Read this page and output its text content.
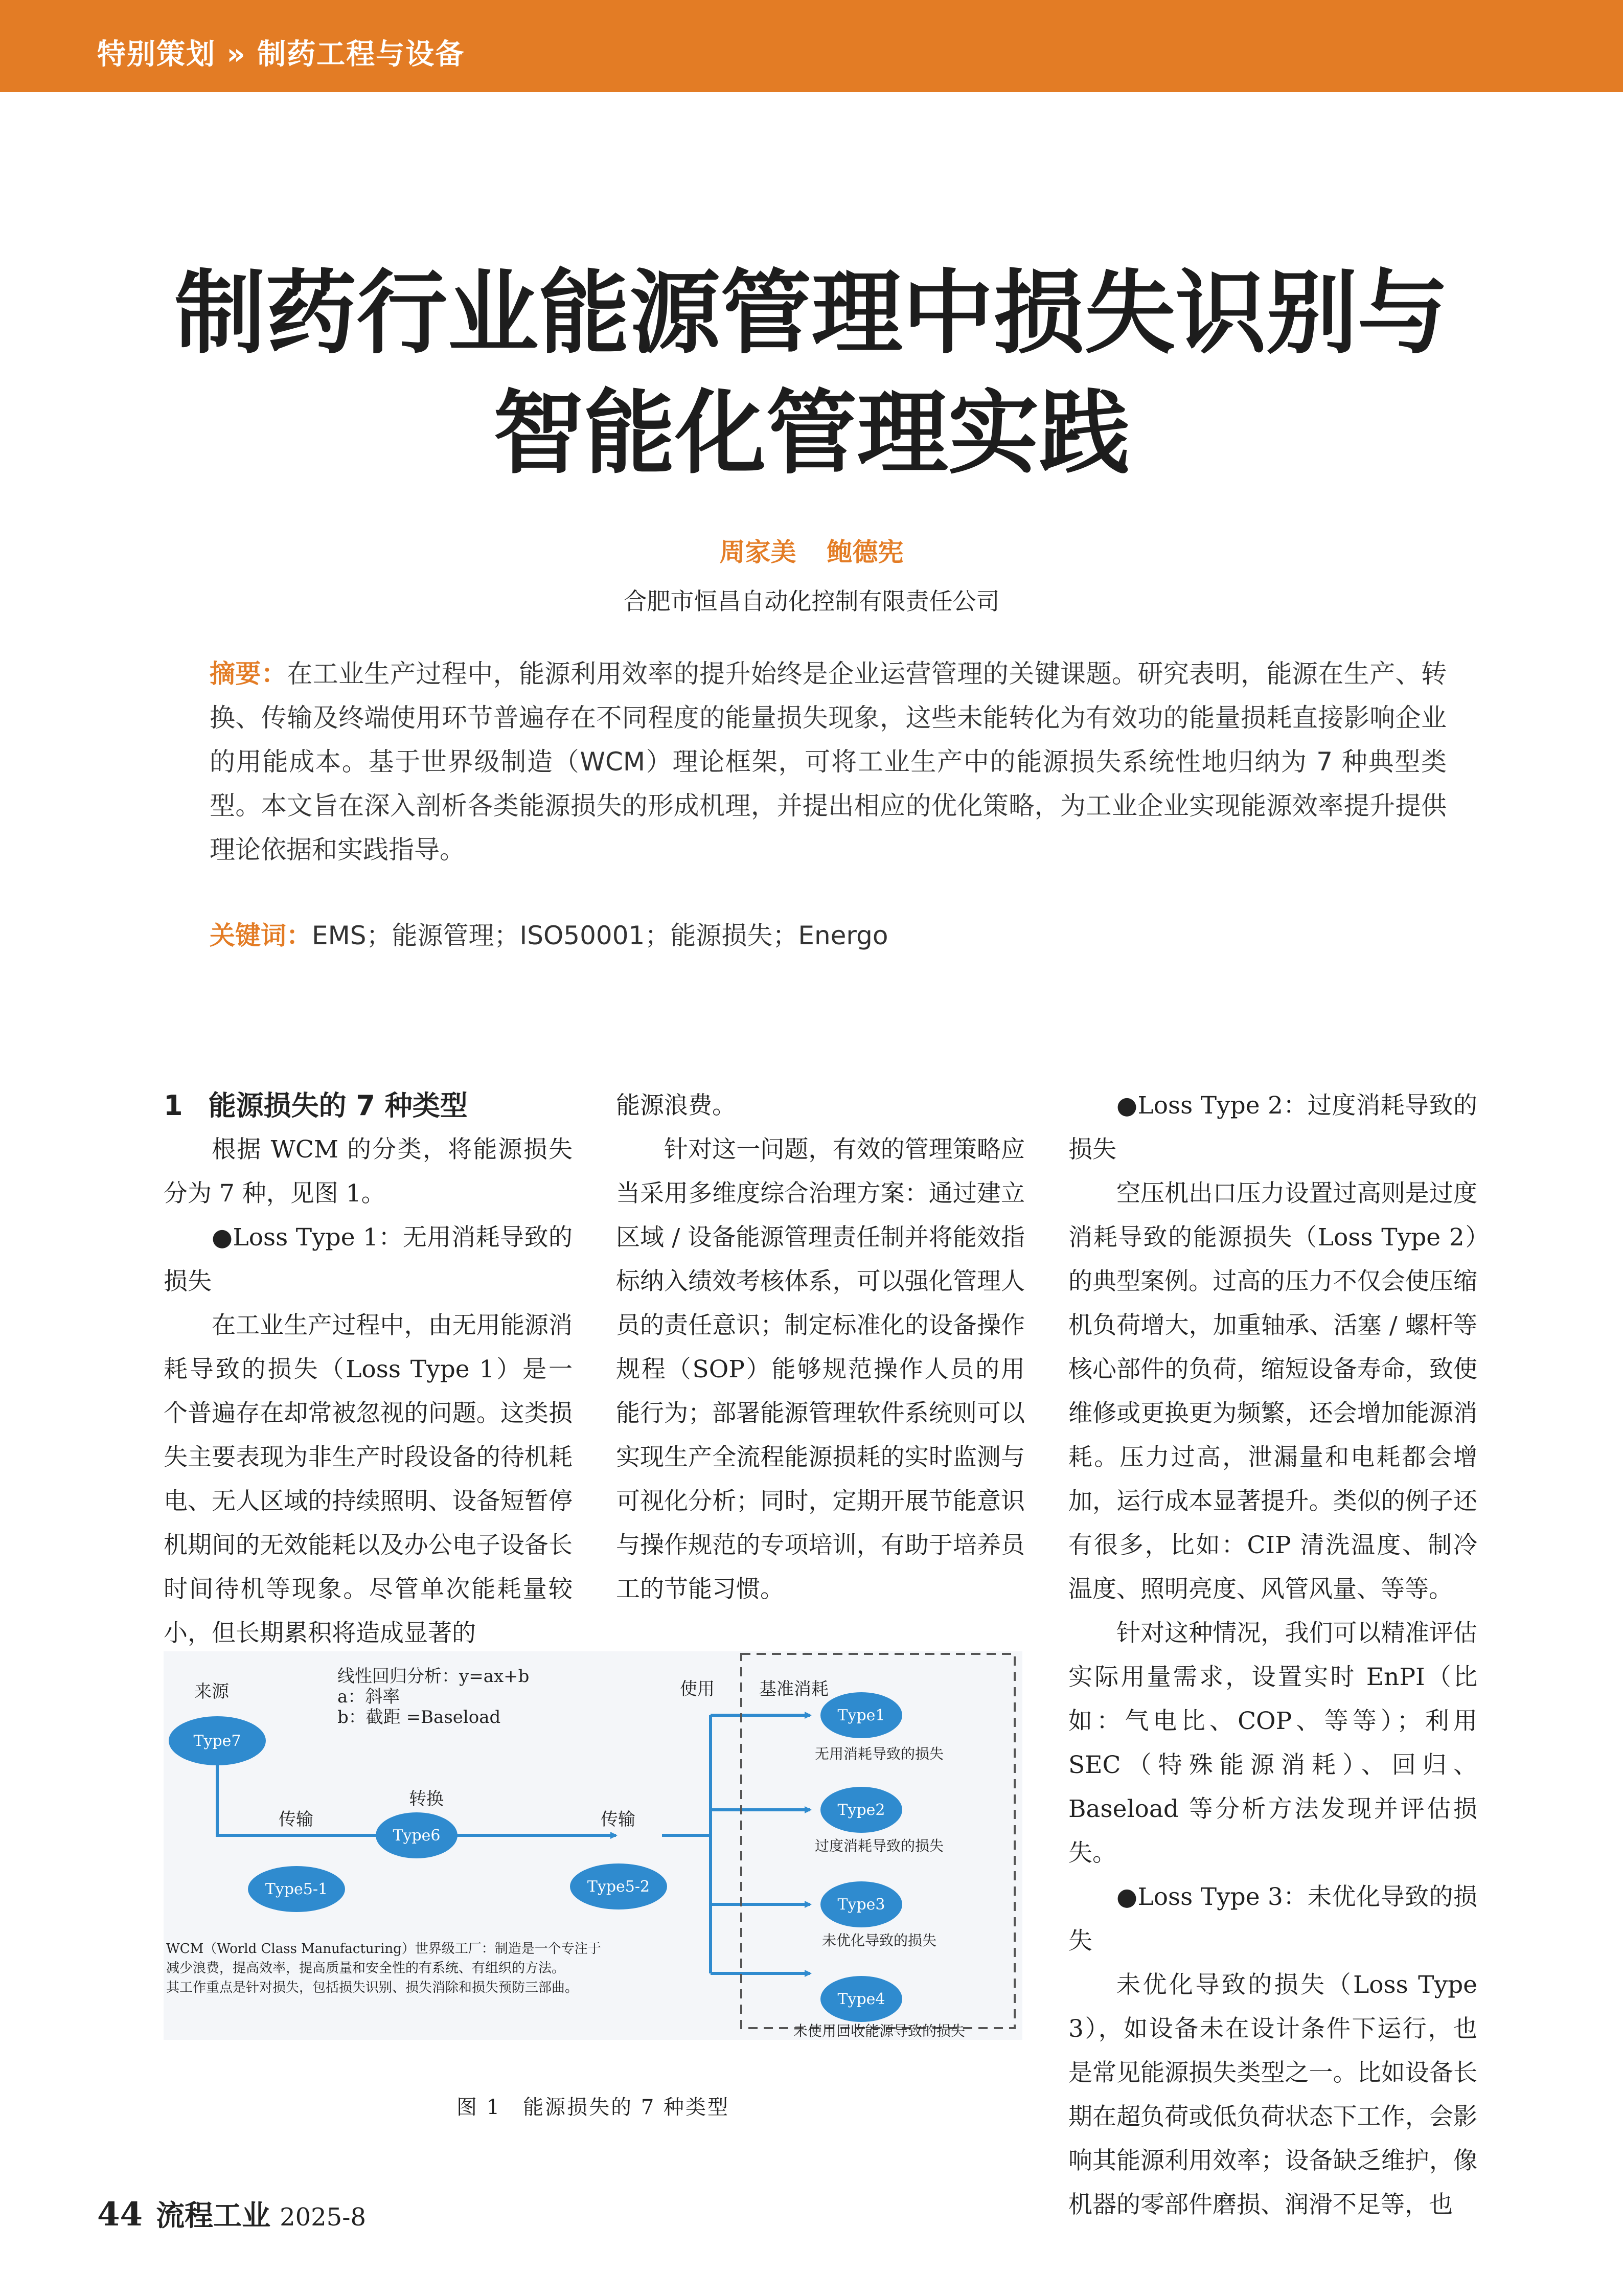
特别策划 » 制药工程与设备
制药行业能源管理中损失识别与
智能化管理实践
周家美 鲍德宪
合肥市恒昌自动化控制有限责任公司
摘要：在工业生产过程中，能源利用效率的提升始终是企业运营管理的关键课题。研究表明，能源在生产、转换、传输及终端使用环节普遍存在不同程度的能量损失现象，这些未能转化为有效功的能量损耗直接影响企业的用能成本。基于世界级制造（WCM）理论框架，可将工业生产中的能源损失系统性地归纳为 7 种典型类型。本文旨在深入剖析各类能源损失的形成机理，并提出相应的优化策略，为工业企业实现能源效率提升提供理论依据和实践指导。
关键词：EMS；能源管理；ISO50001；能源损失；Energo
1 能源损失的 7 种类型

根据 WCM 的分类，将能源损失分为 7 种，见图 1。

●Loss Type 1：无用消耗导致的损失

在工业生产过程中，由无用能源消耗导致的损失（Loss Type 1）是一个普遍存在却常被忽视的问题。这类损失主要表现为非生产时段设备的待机耗电、无人区域的持续照明、设备短暂停机期间的无效能耗以及办公电子设备长时间待机等现象。尽管单次能耗量较小，但长期累积将造成显著的

能源浪费。

针对这一问题，有效的管理策略应当采用多维度综合治理方案：通过建立区域 / 设备能源管理责任制并将能效指标纳入绩效考核体系，可以强化管理人员的责任意识；制定标准化的设备操作规程（SOP）能够规范操作人员的用能行为；部署能源管理软件系统则可以实现生产全流程能源损耗的实时监测与可视化分析；同时，定期开展节能意识与操作规范的专项培训，有助于培养员工的节能习惯。

●Loss Type 2：过度消耗导致的损失

空压机出口压力设置过高则是过度消耗导致的能源损失（Loss Type 2）的典型案例。过高的压力不仅会使压缩机负荷增大，加重轴承、活塞 / 螺杆等核心部件的负荷，缩短设备寿命，致使维修或更换更为频繁，还会增加能源消耗。压力过高，泄漏量和电耗都会增加，运行成本显著提升。类似的例子还有很多，比如：CIP 清洗温度、制冷温度、照明亮度、风管风量、等等。

针对这种情况，我们可以精准评估实际用量需求，设置实时 EnPI（比如：气电比、COP、等等）；利用 SEC（特殊能源消耗）、回归、Baseload 等分析方法发现并评估损失。

●Loss Type 3：未优化导致的损失

未优化导致的损失（Loss Type 3），如设备未在设计条件下运行，也是常见能源损失类型之一。比如设备长期在超负荷或低负荷状态下工作，会影响其能源利用效率；设备缺乏维护，像机器的零部件磨损、润滑不足等，也

Type7
Type5-1
Type6
Type5-2
Type1
Type2
Type3
Type4
来源
线性回归分析：y=ax+b
a：斜率
b：截距 =Baseload
使用	基准消耗
传输
转换
传输
无用消耗导致的损失
过度消耗导致的损失
未优化导致的损失
未使用回收能源导致的损失
WCM（World Class Manufacturing）世界级工厂：制造是一个专注于
减少浪费，提高效率，提高质量和安全性的有系统、有组织的方法。
其工作重点是针对损失，包括损失识别、损失消除和损失预防三部曲。
图 1　能源损失的 7 种类型
44 流程工业 2025-8
